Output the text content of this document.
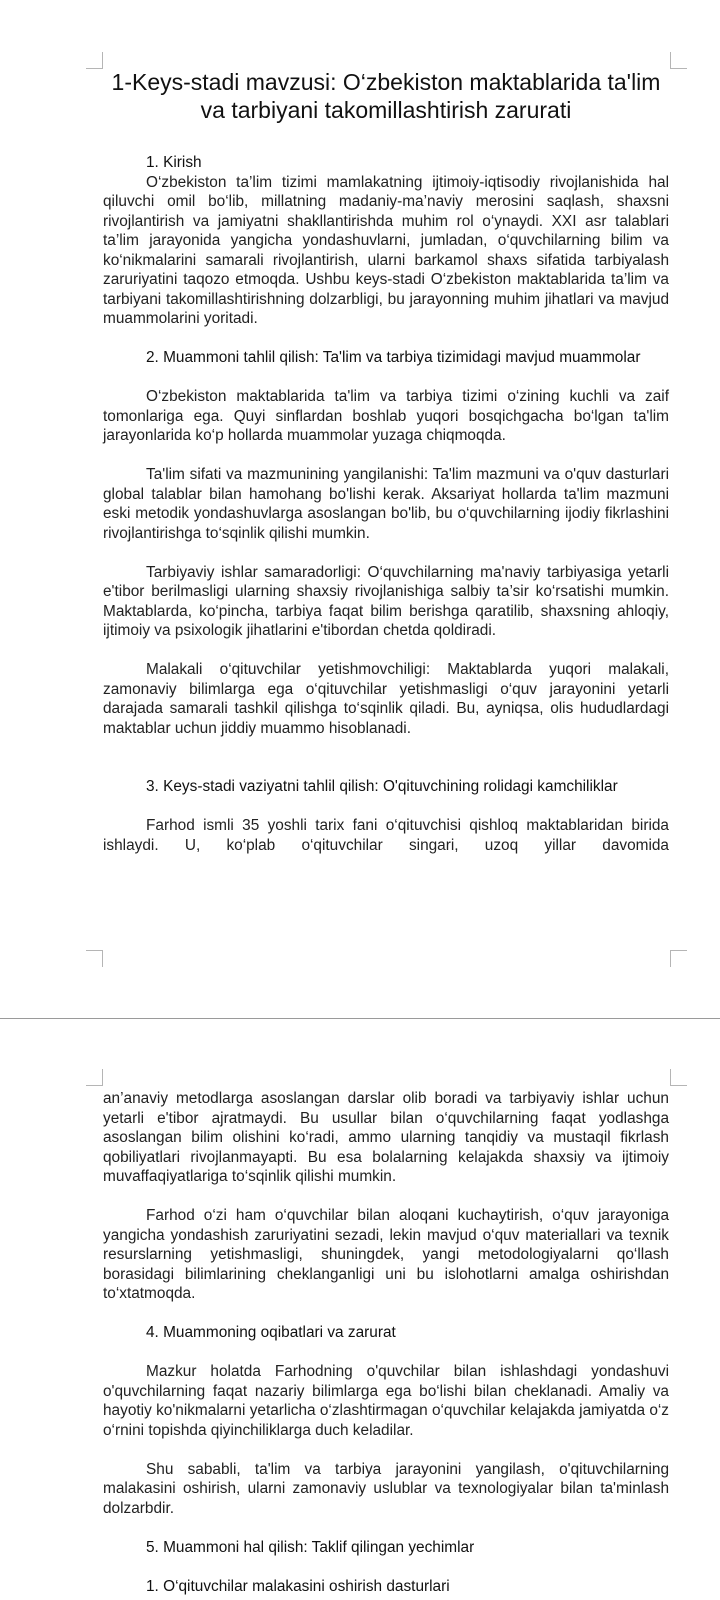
1-Keys-stadi mavzusi: O‘zbekiston maktablarida ta'lim va tarbiyani takomillashtirish zarurati

1. Kirish

O‘zbekiston ta’lim tizimi mamlakatning ijtimoiy-iqtisodiy rivojlanishida hal qiluvchi omil bo‘lib, millatning madaniy-ma’naviy merosini saqlash, shaxsni rivojlantirish va jamiyatni shakllantirishda muhim rol o‘ynaydi. XXI asr talablari ta’lim jarayonida yangicha yondashuvlarni, jumladan, o‘quvchilarning bilim va ko‘nikmalarini samarali rivojlantirish, ularni barkamol shaxs sifatida tarbiyalash zaruriyatini taqozo etmoqda. Ushbu keys-stadi O‘zbekiston maktablarida ta’lim va tarbiyani takomillashtirishning dolzarbligi, bu jarayonning muhim jihatlari va mavjud muammolarini yoritadi.

2. Muammoni tahlil qilish: Ta'lim va tarbiya tizimidagi mavjud muammolar

O‘zbekiston maktablarida ta'lim va tarbiya tizimi o‘zining kuchli va zaif tomonlariga ega. Quyi sinflardan boshlab yuqori bosqichgacha bo‘lgan ta'lim jarayonlarida ko‘p hollarda muammolar yuzaga chiqmoqda.

Ta'lim sifati va mazmunining yangilanishi: Ta'lim mazmuni va o'quv dasturlari global talablar bilan hamohang bo'lishi kerak. Aksariyat hollarda ta'lim mazmuni eski metodik yondashuvlarga asoslangan bo'lib, bu o‘quvchilarning ijodiy fikrlashini rivojlantirishga to‘sqinlik qilishi mumkin.

Tarbiyaviy ishlar samaradorligi: O‘quvchilarning ma'naviy tarbiyasiga yetarli e'tibor berilmasligi ularning shaxsiy rivojlanishiga salbiy ta’sir ko‘rsatishi mumkin. Maktablarda, ko‘pincha, tarbiya faqat bilim berishga qaratilib, shaxsning ahloqiy, ijtimoiy va psixologik jihatlarini e'tibordan chetda qoldiradi.

Malakali o‘qituvchilar yetishmovchiligi: Maktablarda yuqori malakali, zamonaviy bilimlarga ega o‘qituvchilar yetishmasligi o‘quv jarayonini yetarli darajada samarali tashkil qilishga to‘sqinlik qiladi. Bu, ayniqsa, olis hududlardagi maktablar uchun jiddiy muammo hisoblanadi.

3. Keys-stadi vaziyatni tahlil qilish: O'qituvchining rolidagi kamchiliklar

Farhod ismli 35 yoshli tarix fani o‘qituvchisi qishloq maktablaridan birida ishlaydi. U, ko‘plab o‘qituvchilar singari, uzoq yillar davomida

an’anaviy metodlarga asoslangan darslar olib boradi va tarbiyaviy ishlar uchun yetarli e'tibor ajratmaydi. Bu usullar bilan o‘quvchilarning faqat yodlashga asoslangan bilim olishini ko‘radi, ammo ularning tanqidiy va mustaqil fikrlash qobiliyatlari rivojlanmayapti. Bu esa bolalarning kelajakda shaxsiy va ijtimoiy muvaffaqiyatlariga to‘sqinlik qilishi mumkin.

Farhod o‘zi ham o‘quvchilar bilan aloqani kuchaytirish, o‘quv jarayoniga yangicha yondashish zaruriyatini sezadi, lekin mavjud o‘quv materiallari va texnik resurslarning yetishmasligi, shuningdek, yangi metodologiyalarni qo‘llash borasidagi bilimlarining cheklanganligi uni bu islohotlarni amalga oshirishdan to‘xtatmoqda.

4. Muammoning oqibatlari va zarurat

Mazkur holatda Farhodning o'quvchilar bilan ishlashdagi yondashuvi o'quvchilarning faqat nazariy bilimlarga ega bo‘lishi bilan cheklanadi. Amaliy va hayotiy ko'nikmalarni yetarlicha o‘zlashtirmagan o‘quvchilar kelajakda jamiyatda o‘z o‘rnini topishda qiyinchiliklarga duch keladilar.

Shu sababli, ta'lim va tarbiya jarayonini yangilash, o'qituvchilarning malakasini oshirish, ularni zamonaviy uslublar va texnologiyalar bilan ta'minlash dolzarbdir.

5. Muammoni hal qilish: Taklif qilingan yechimlar

1. O‘qituvchilar malakasini oshirish dasturlari
